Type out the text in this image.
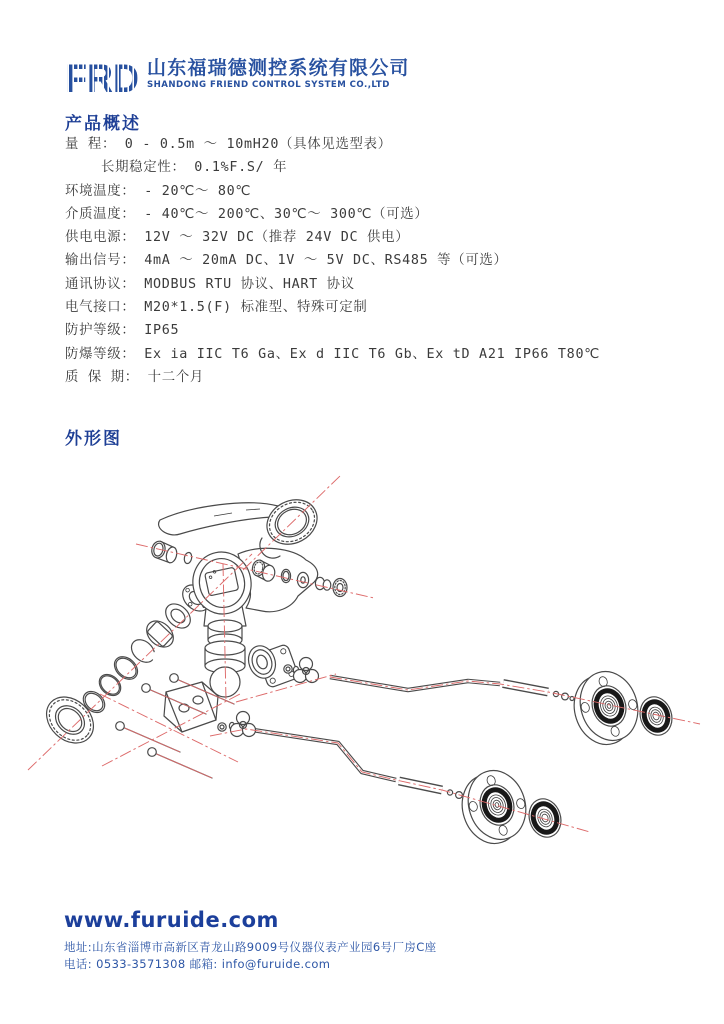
FRD 山东福瑞德测控系统有限公司
SHANDONG FRIEND CONTROL SYSTEM CO.,LTD
产品概述
量 程： 0 - 0.5m ～ 10mH20（具体见选型表）
长期稳定性： 0.1%F.S/ 年
环境温度： - 20℃～ 80℃
介质温度： - 40℃～ 200℃、30℃～ 300℃（可选）
供电电源： 12V ～ 32V DC（推荐 24V DC 供电）
输出信号： 4mA ～ 20mA DC、1V ～ 5V DC、RS485 等（可选）
通讯协议： MODBUS RTU 协议、HART 协议
电气接口： M20*1.5(F) 标准型、特殊可定制
防护等级： IP65
防爆等级： Ex ia IIC T6 Ga、Ex d IIC T6 Gb、Ex tD A21 IP66 T80℃
质 保 期： 十二个月
外形图
www.furuide.com
地址:山东省淄博市高新区青龙山路9009号仪器仪表产业园6号厂房C座
电话: 0533-3571308 邮箱: info@furuide.com
